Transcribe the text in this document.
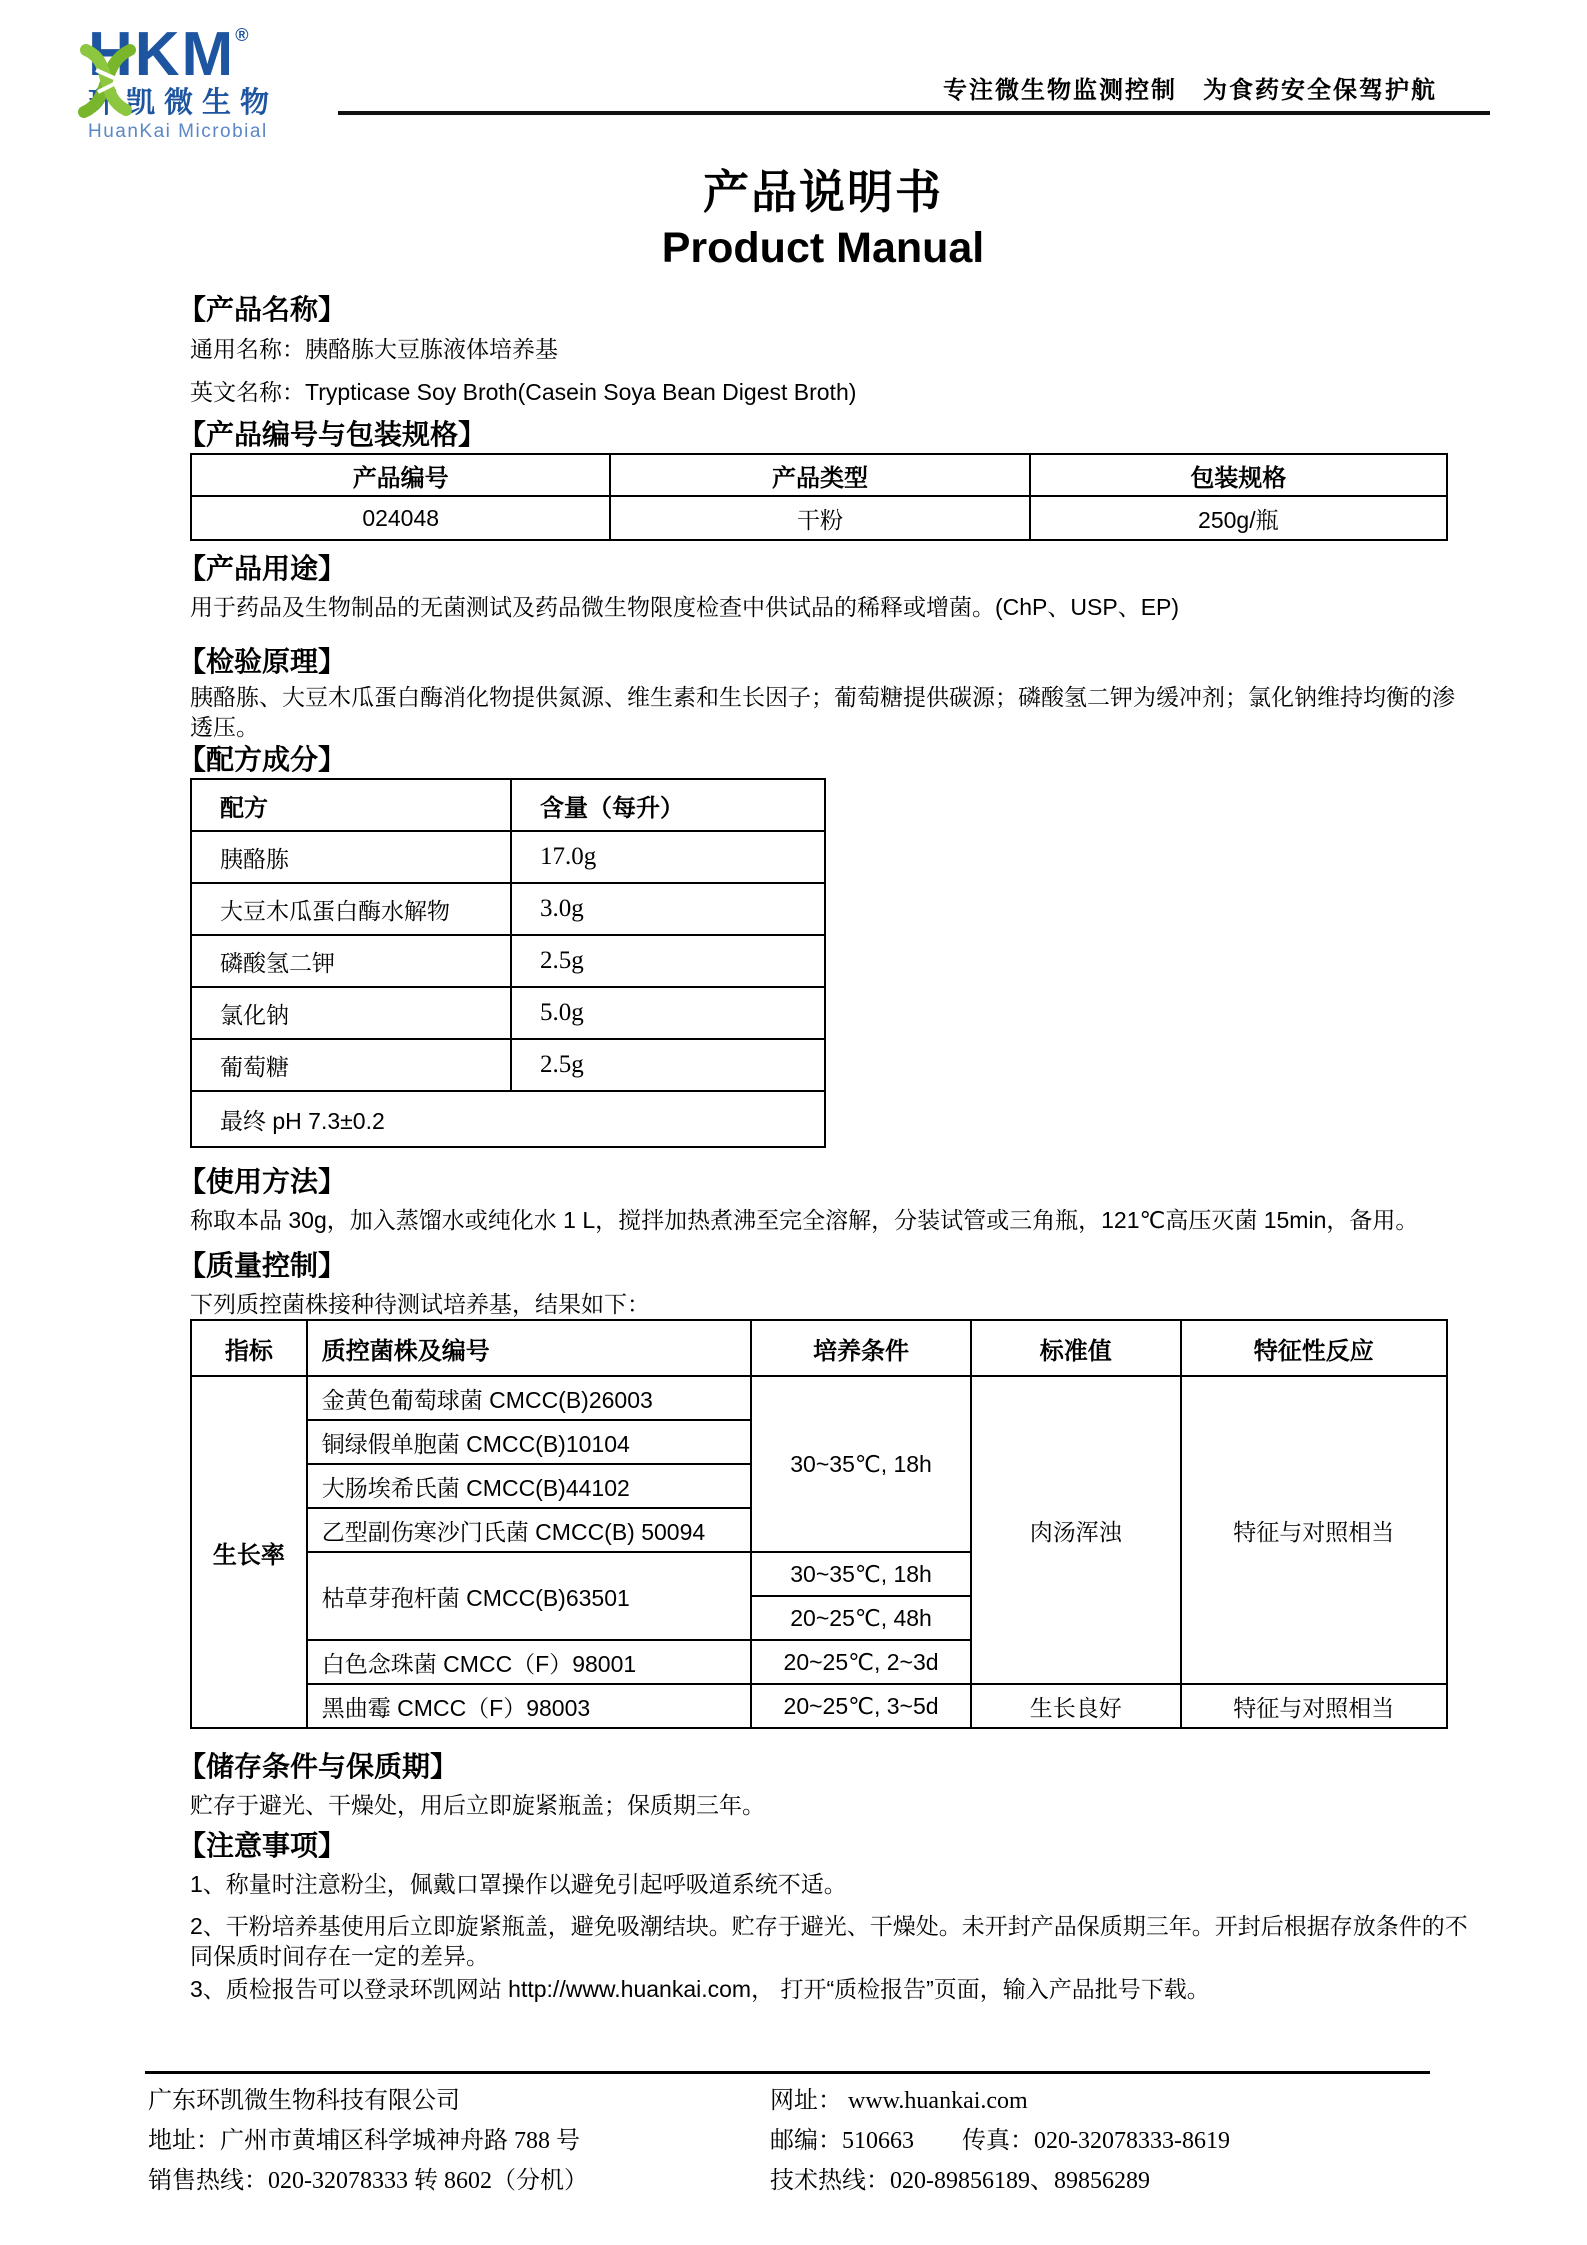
HKM®
环凯微生物
HuanKai Microbial
专注微生物监测控制　为食药安全保驾护航
产品说明书
Product Manual
【产品名称】

通用名称：胰酪胨大豆胨液体培养基

英文名称：Trypticase Soy Broth(Casein Soya Bean Digest Broth)

【产品编号与包装规格】
产品编号	产品类型	包装规格
024048	干粉	250g/瓶
【产品用途】

用于药品及生物制品的无菌测试及药品微生物限度检查中供试品的稀释或增菌。(ChP、USP、EP)

【检验原理】

胰酪胨、大豆木瓜蛋白酶消化物提供氮源、维生素和生长因子；葡萄糖提供碳源；磷酸氢二钾为缓冲剂；氯化钠维持均衡的渗透压。

【配方成分】
配方	含量（每升）
胰酪胨	17.0g
大豆木瓜蛋白酶水解物	3.0g
磷酸氢二钾	2.5g
氯化钠	5.0g
葡萄糖	2.5g
最终 pH 7.3±0.2	
【使用方法】

称取本品 30g，加入蒸馏水或纯化水 1 L，搅拌加热煮沸至完全溶解，分装试管或三角瓶，121℃高压灭菌 15min，备用。

【质量控制】

下列质控菌株接种待测试培养基，结果如下：

指标	质控菌株及编号	培养条件	标准值	特征性反应
生长率	金黄色葡萄球菌 CMCC(B)26003	30~35℃, 18h	肉汤浑浊	特征与对照相当
	铜绿假单胞菌 CMCC(B)10104			
	大肠埃希氏菌 CMCC(B)44102			
	乙型副伤寒沙门氏菌 CMCC(B) 50094			
	枯草芽孢杆菌 CMCC(B)63501	30~35℃, 18h		
		20~25℃, 48h		
	白色念珠菌 CMCC（F）98001	20~25℃, 2~3d		
	黑曲霉 CMCC（F）98003	20~25℃, 3~5d	生长良好	特征与对照相当
【储存条件与保质期】

贮存于避光、干燥处，用后立即旋紧瓶盖；保质期三年。

【注意事项】

1、称量时注意粉尘，佩戴口罩操作以避免引起呼吸道系统不适。

2、干粉培养基使用后立即旋紧瓶盖，避免吸潮结块。贮存于避光、干燥处。未开封产品保质期三年。开封后根据存放条件的不同保质时间存在一定的差异。

3、质检报告可以登录环凯网站 http://www.huankai.com， 打开“质检报告”页面，输入产品批号下载。

广东环凯微生物科技有限公司
地址：广州市黄埔区科学城神舟路 788 号
销售热线：020-32078333 转 8602（分机）
网址： www.huankai.com
邮编：510663　　传真：020-32078333-8619
技术热线：020-89856189、89856289
